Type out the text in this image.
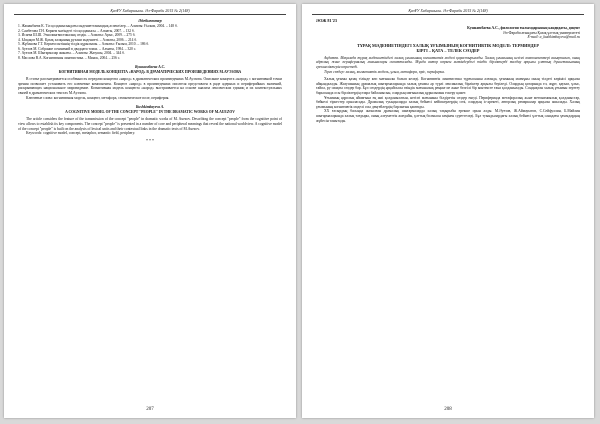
ҚазҰУ Хабаршысы. Әл-Фараби 2015 № 2(148)

Әдебиеттер

1. Жаманбаева К. Тіл қолданысындағы мәдениеттанымдық аспектілер. – Алматы: Ғылым, 2004. – 148 б.

2. Сәмбетова Г.Н. Көркем мәтіндегі тіл қолданысы. – Алматы, 2007. – 132 б.

3. Исаева Ш.Ш. Этнолингвистикалық сөздік. – Алматы: Арыс, 2009. – 275 б.

4. Ысқақов М.Ж. Қазақ халқының рухани мәдениеті. – Алматы, 2006. – 214 б.

5. Жұбанова Г.Т. Көркем мәтіннің тілдік құрылымы. – Алматы: Ғылым, 2010. – 186 б.

6. Ауезов М. Собрание сочинений в двадцати томах. – Алматы, 1984. – 320 с.

7. Ауезов М. Шығармалар жинағы. – Алматы: Жазушы, 2004. – 344 б.

8. Маслова В.А. Когнитивная лингвистика. – Минск, 2004. – 256 с.

Кушкимбаева А.С.

КОГНИТИВНАЯ МОДЕЛЬ КОНЦЕПТА «НАРОД» В ДРАМАТИЧЕСКИХ ПРОИЗВЕДЕНИЯХ М.АУЭЗОВА

В статье рассматривается особенность передачи концепта «народ» в драматических произведениях М.Ауэзова. Описание концепта «народ» с когнитивной точки зрения позволяет установить его ключевые компоненты. Концепт «народ» в произведениях писателя представлен в ряде ядерных и периферийных значений, раскрывающих национальное мировидение. Когнитивная модель концепта «народ» выстраивается на основе анализа лексических единиц и их контекстуальных связей в драматических текстах М.Ауэзова.

Ключевые слова: когнитивная модель, концепт, метафора, семантическое поле, периферия.

Kushkimbayeva A.

A COGNITIVE MODEL OF THE CONCEPT "PEOPLE" IN THE DRAMATIC WORKS OF M.AUEZOV

The article considers the feature of the transmission of the concept "people" in dramatic works of M. Auezov. Describing the concept "people" from the cognitive point of view allows to establish its key components. The concept "people" is presented in a number of core and peripheral meanings that reveal the national worldview. A cognitive model of the concept "people" is built on the analysis of lexical units and their contextual links in the dramatic texts of M.Auezov.

Keywords: cognitive model, concept, metaphor, semantic field, periphery.

* * *

207
ҚазҰУ Хабаршысы. Әл-Фараби 2015 № 2(148)

ӘОЖ 81'23

Кушкимбаева А.С., филология ғылымдарының кандидаты, доцент

Әл-Фараби атындағы Қазақ ұлттық университеті

E-mail: a_kushkimbayeva@mail.ru

ТҰРАҚ МӘДЕНИЕТІНДЕГІ ХАЛЫҚ ҰҒЫМЫНЫҢ КОГНИТИВТІК МОДЕЛІ: ТЕРМИНДЕР

БІРГІ – ҚАТА – ТЕЛЕК СӨЗДЕР

Аңдатпа. Мақалада тұрақ мәдениетіндегі халық ұғымының когнитивтік моделі қарастырылады. Халық ұғымының негізгі компоненттері анықталып, оның ядролық және перифериялық мағыналары сипатталады. Мұнда автор көркем мәтіндердегі тілдік бірліктерді талдау арқылы ұлттық дүниетанымның ерекшеліктерін көрсетеді.

Тірек сөздер: халық, когнитивтік модель, ұғым, метафора, өріс, периферия.

Халық ұғымы қазақ тілінде көп мағыналы болып келеді. Когнитивтік лингвистика тұрғысынан алғанда, ұғымның мазмұны оның тілдегі көрінісі арқылы айқындалады. Жазушының драмалық шығармаларында халық ұғымы әр түрлі лексикалық бірліктер арқылы беріледі. Олардың қатарында ел, жұрт, қауым, ұлыс, тайпа, ру сияқты сөздер бар. Бұл сөздердің әрқайсысы өзіндік мағыналық реңкке ие және белгілі бір контексте ғана қолданылады. Сондықтан халық ұғымын зерттеу барысында осы бірліктердің өзара байланысын, олардың мағыналық құрылымын ескеру қажет.

Ұғымның ядролық аймағына ең жиі қолданылатын, негізгі мағынаны білдіретін сөздер енеді. Периферияда метафоралық және метонимиялық қолданыстар, бейнелі тіркестер орналасады. Драмалық туындыларда халық бейнесі кейіпкерлердің сөзі, олардың іс-әрекеті, авторлық ремаркалар арқылы ашылады. Халық ұғымының когнитивтік моделі осы деңгейлердің барлығын қамтиды.

ХХ ғасырдың басында жазылған драмалық шығармаларда халық тақырыбы ерекше орын алды. М.Әуезов, Ж.Аймауытов, С.Сейфуллин, Б.Майлин шығармаларында халық тағдыры, оның әлеуметтік жағдайы, ұлттық болмысы кеңінен суреттеледі. Бұл туындылардағы халық бейнесі ұлттық санадағы ұғымдардың жүйесін танытады.

208
